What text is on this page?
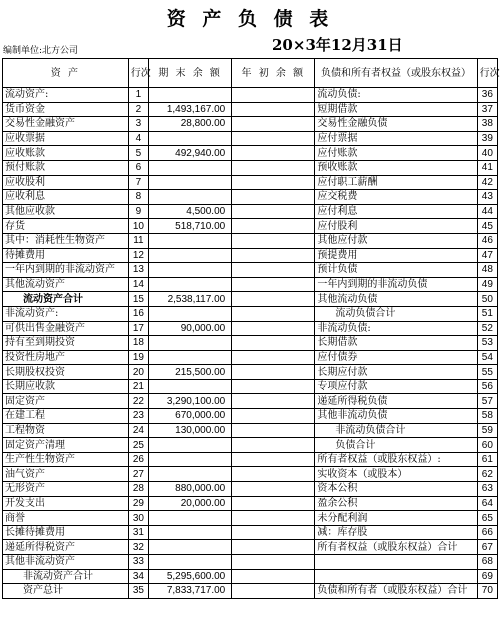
资 产 负 债 表
编制单位:北方公司	20×3年12月31日
资 产	行次	期 末 余 额	年 初 余 额	负债和所有者权益（或股东权益）	行次
流动资产:	1			流动负债:	36
货币资金	2	1,493,167.00		短期借款	37
交易性金融资产	3	28,800.00		交易性金融负债	38
应收票据	4			应付票据	39
应收账款	5	492,940.00		应付账款	40
预付账款	6			预收账款	41
应收股利	7			应付职工薪酬	42
应收利息	8			应交税费	43
其他应收款	9	4,500.00		应付利息	44
存货	10	518,710.00		应付股利	45
其中：消耗性生物资产	11			其他应付款	46
待摊费用	12			预提费用	47
一年内到期的非流动资产	13			预计负债	48
其他流动资产	14			一年内到期的非流动负债	49
流动资产合计	15	2,538,117.00		其他流动负债	50
非流动资产:	16			流动负债合计	51
可供出售金融资产	17	90,000.00		非流动负债:	52
持有至到期投资	18			长期借款	53
投资性房地产	19			应付债券	54
长期股权投资	20	215,500.00		长期应付款	55
长期应收款	21			专项应付款	56
固定资产	22	3,290,100.00		递延所得税负债	57
在建工程	23	670,000.00		其他非流动负债	58
工程物资	24	130,000.00		非流动负债合计	59
固定资产清理	25			负债合计	60
生产性生物资产	26			所有者权益（或股东权益）:	61
油气资产	27			实收资本（或股本）	62
无形资产	28	880,000.00		资本公积	63
开发支出	29	20,000.00		盈余公积	64
商誉	30			未分配利润	65
长摊待摊费用	31			减：库存股	66
递延所得税资产	32			所有者权益（或股东权益）合计	67
其他非流动资产	33				68
非流动资产合计	34	5,295,600.00			69
资产总计	35	7,833,717.00		负债和所有者（或股东权益）合计	70
